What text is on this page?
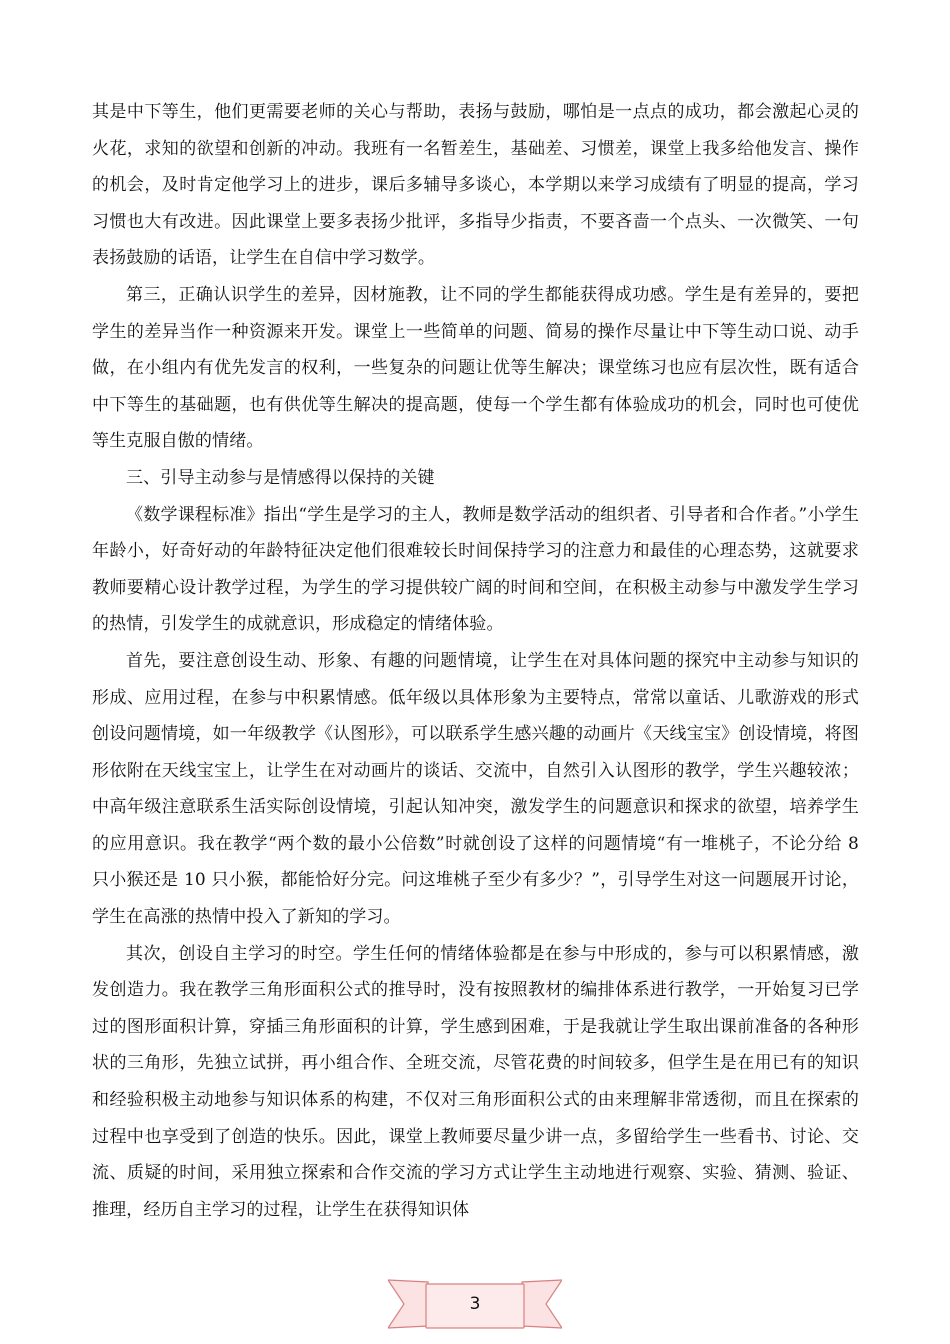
其是中下等生，他们更需要老师的关心与帮助，表扬与鼓励，哪怕是一点点的成功，都会激起心灵的火花，求知的欲望和创新的冲动。我班有一名暂差生，基础差、习惯差，课堂上我多给他发言、操作的机会，及时肯定他学习上的进步，课后多辅导多谈心，本学期以来学习成绩有了明显的提高，学习习惯也大有改进。因此课堂上要多表扬少批评，多指导少指责，不要吝啬一个点头、一次微笑、一句表扬鼓励的话语，让学生在自信中学习数学。

第三，正确认识学生的差异，因材施教，让不同的学生都能获得成功感。学生是有差异的，要把学生的差异当作一种资源来开发。课堂上一些简单的问题、简易的操作尽量让中下等生动口说、动手做，在小组内有优先发言的权利，一些复杂的问题让优等生解决；课堂练习也应有层次性，既有适合中下等生的基础题，也有供优等生解决的提高题，使每一个学生都有体验成功的机会，同时也可使优等生克服自傲的情绪。

三、引导主动参与是情感得以保持的关键

《数学课程标准》指出“学生是学习的主人，教师是数学活动的组织者、引导者和合作者。”小学生年龄小，好奇好动的年龄特征决定他们很难较长时间保持学习的注意力和最佳的心理态势，这就要求教师要精心设计教学过程，为学生的学习提供较广阔的时间和空间，在积极主动参与中激发学生学习的热情，引发学生的成就意识，形成稳定的情绪体验。

首先，要注意创设生动、形象、有趣的问题情境，让学生在对具体问题的探究中主动参与知识的形成、应用过程，在参与中积累情感。低年级以具体形象为主要特点，常常以童话、儿歌游戏的形式创设问题情境，如一年级教学《认图形》，可以联系学生感兴趣的动画片《天线宝宝》创设情境，将图形依附在天线宝宝上，让学生在对动画片的谈话、交流中，自然引入认图形的教学，学生兴趣较浓；中高年级注意联系生活实际创设情境，引起认知冲突，激发学生的问题意识和探求的欲望，培养学生的应用意识。我在教学“两个数的最小公倍数”时就创设了这样的问题情境“有一堆桃子，不论分给 8 只小猴还是 10 只小猴，都能恰好分完。问这堆桃子至少有多少？”，引导学生对这一问题展开讨论，学生在高涨的热情中投入了新知的学习。

其次，创设自主学习的时空。学生任何的情绪体验都是在参与中形成的，参与可以积累情感，激发创造力。我在教学三角形面积公式的推导时，没有按照教材的编排体系进行教学，一开始复习已学过的图形面积计算，穿插三角形面积的计算，学生感到困难，于是我就让学生取出课前准备的各种形状的三角形，先独立试拼，再小组合作、全班交流，尽管花费的时间较多，但学生是在用已有的知识和经验积极主动地参与知识体系的构建，不仅对三角形面积公式的由来理解非常透彻，而且在探索的过程中也享受到了创造的快乐。因此，课堂上教师要尽量少讲一点，多留给学生一些看书、讨论、交流、质疑的时间，采用独立探索和合作交流的学习方式让学生主动地进行观察、实验、猜测、验证、推理，经历自主学习的过程，让学生在获得知识体

3
